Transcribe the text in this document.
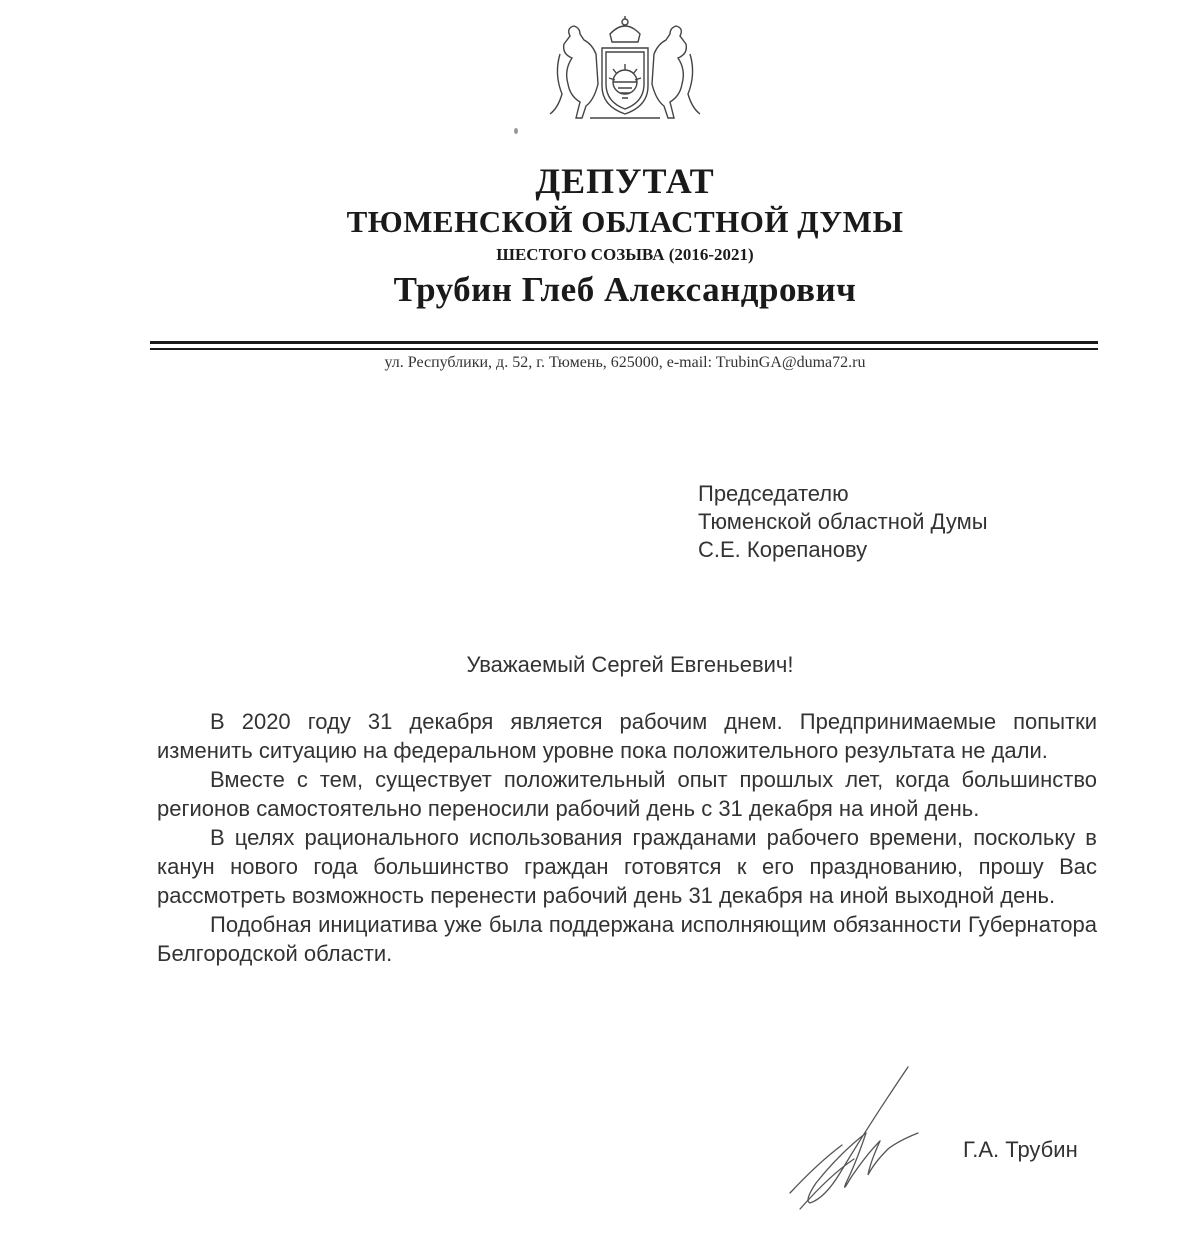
ДЕПУТАТ
ТЮМЕНСКОЙ ОБЛАСТНОЙ ДУМЫ
ШЕСТОГО СОЗЫВА (2016-2021)
Трубин Глеб Александрович
ул. Республики, д. 52, г. Тюмень, 625000, e-mail: TrubinGA@duma72.ru
Председателю
Тюменской областной Думы
С.Е. Корепанову
Уважаемый Сергей Евгеньевич!

В 2020 году 31 декабря является рабочим днем. Предпринимаемые попытки изменить ситуацию на федеральном уровне пока положительного результата не дали.

Вместе с тем, существует положительный опыт прошлых лет, когда большинство регионов самостоятельно переносили рабочий день с 31 декабря на иной день.

В целях рационального использования гражданами рабочего времени, поскольку в канун нового года большинство граждан готовятся к его празднованию, прошу Вас рассмотреть возможность перенести рабочий день 31 декабря на иной выходной день.

Подобная инициатива уже была поддержана исполняющим обязанности Губернатора Белгородской области.

Г.А. Трубин
